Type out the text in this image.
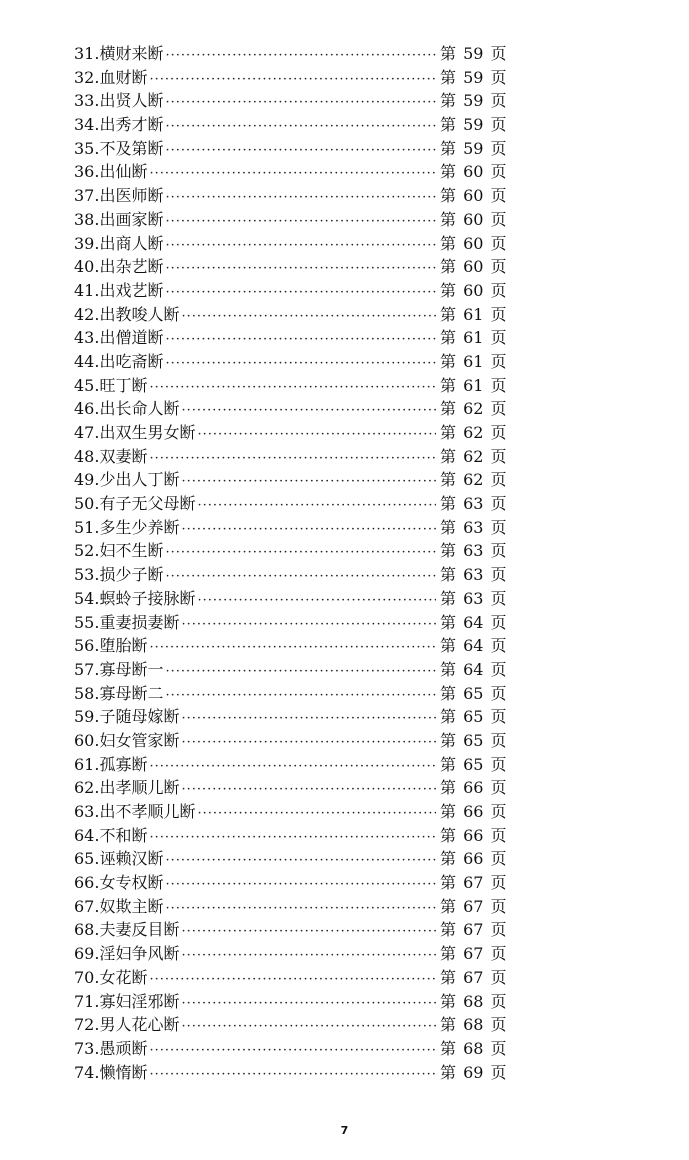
31. 横财来断 ·····	第 59 页
32. 血财断 ·····	第 59 页
33. 出贤人断 ·····	第 59 页
34. 出秀才断 ·····	第 59 页
35. 不及第断 ·····	第 59 页
36. 出仙断 ·····	第 60 页
37. 出医师断 ·····	第 60 页
38. 出画家断 ·····	第 60 页
39. 出商人断 ·····	第 60 页
40. 出杂艺断 ·····	第 60 页
41. 出戏艺断 ·····	第 60 页
42. 出教唆人断 ·····	第 61 页
43. 出僧道断 ·····	第 61 页
44. 出吃斋断 ·····	第 61 页
45. 旺丁断 ·····	第 61 页
46. 出长命人断 ·····	第 62 页
47. 出双生男女断 ·····	第 62 页
48. 双妻断 ·····	第 62 页
49. 少出人丁断 ·····	第 62 页
50. 有子无父母断 ·····	第 63 页
51. 多生少养断 ·····	第 63 页
52. 妇不生断 ·····	第 63 页
53. 损少子断 ·····	第 63 页
54. 螟蛉子接脉断 ·····	第 63 页
55. 重妻损妻断 ·····	第 64 页
56. 堕胎断 ·····	第 64 页
57. 寡母断一 ·····	第 64 页
58. 寡母断二 ·····	第 65 页
59. 子随母嫁断 ·····	第 65 页
60. 妇女管家断 ·····	第 65 页
61. 孤寡断 ·····	第 65 页
62. 出孝顺儿断 ·····	第 66 页
63. 出不孝顺儿断 ·····	第 66 页
64. 不和断 ·····	第 66 页
65. 诬赖汉断 ·····	第 66 页
66. 女专权断 ·····	第 67 页
67. 奴欺主断 ·····	第 67 页
68. 夫妻反目断 ·····	第 67 页
69. 淫妇争风断 ·····	第 67 页
70. 女花断 ·····	第 67 页
71. 寡妇淫邪断 ·····	第 68 页
72. 男人花心断 ·····	第 68 页
73. 愚顽断 ·····	第 68 页
74. 懒惰断 ·····	第 69 页
7
